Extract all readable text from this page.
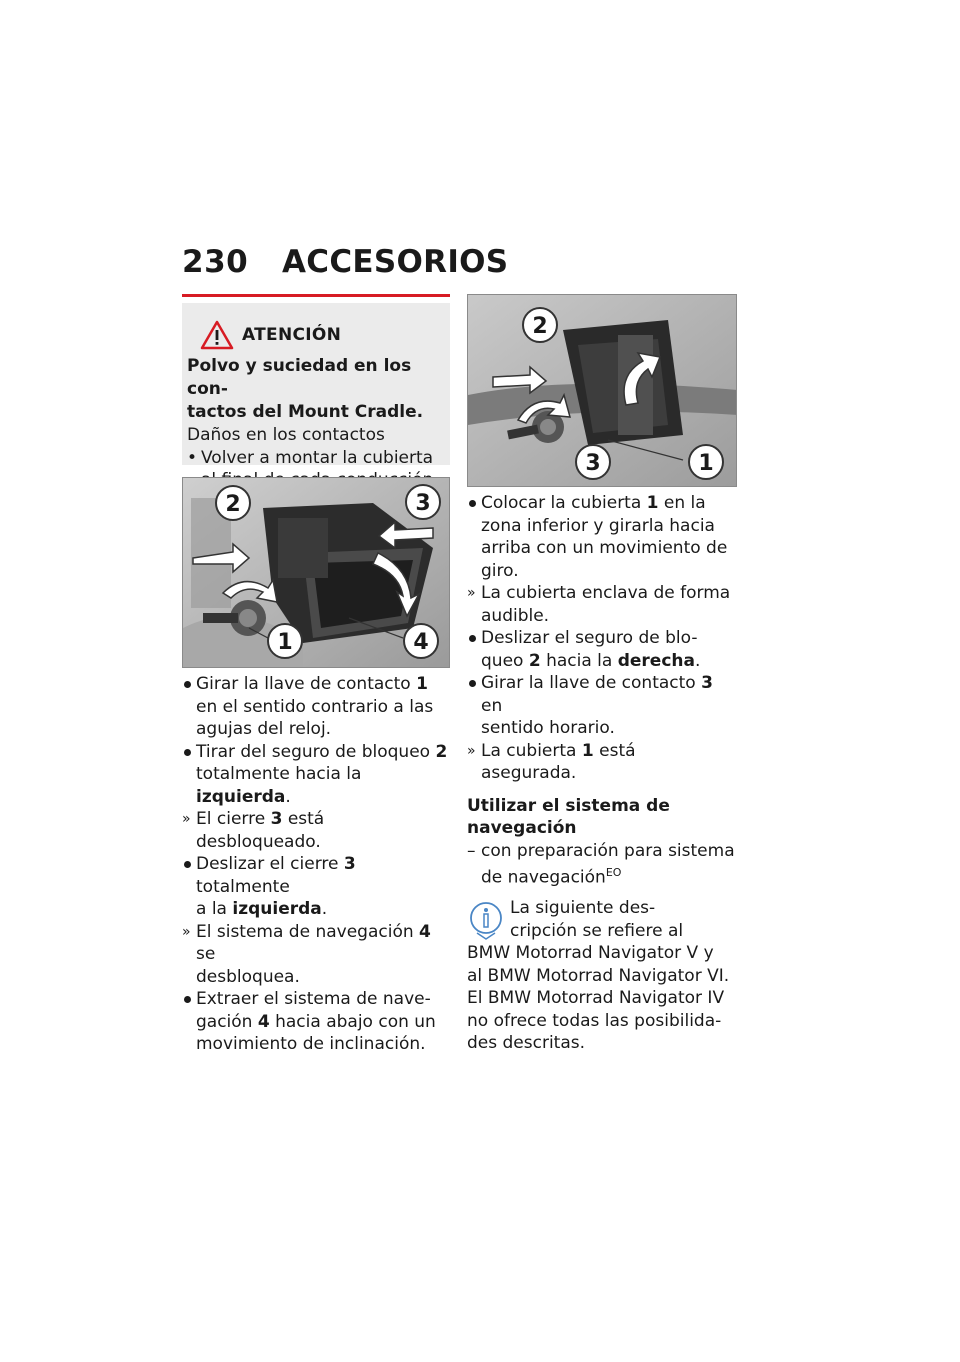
230 ACCESORIOS
ATENCIÓN
Polvo y suciedad en los con-
tactos del Mount Cradle.
Daños en los contactos
• Volver a montar la cubierta
2	3
1	4
Girar la llave de contacto 1
en el sentido contrario a las
agujas del reloj.
Tirar del seguro de bloqueo 2
totalmente hacia la izquierda.
» El cierre 3 está desbloqueado.
Deslizar el cierre 3 totalmente
a la izquierda.
» El sistema de navegación 4 se
desbloquea.
Extraer el sistema de nave-
gación 4 hacia abajo con un
movimiento de inclinación.
2
3	1
Colocar la cubierta 1 en la
zona inferior y girarla hacia
arriba con un movimiento de
giro.
» La cubierta enclava de forma
audible.
Deslizar el seguro de blo-
queo 2 hacia la derecha.
Girar la llave de contacto 3 en
sentido horario.
» La cubierta 1 está asegurada.
Utilizar el sistema de
navegación
– con preparación para sistema
de navegación$^{EO}$
La siguiente des-
cripción se refiere al
BMW Motorrad Navigator V y
al BMW Motorrad Navigator VI.
El BMW Motorrad Navigator IV
no ofrece todas las posibilida-
des descritas.
